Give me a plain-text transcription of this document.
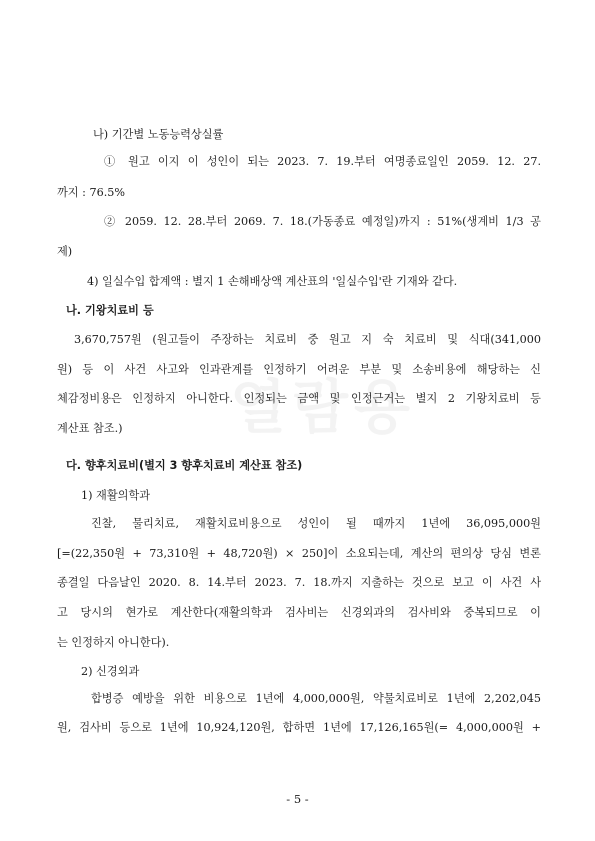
나) 기간별 노동능력상실률
① 원고 이지 이 성인이 되는 2023. 7. 19.부터 여명종료일인 2059. 12. 27.
까지 : 76.5%
② 2059. 12. 28.부터 2069. 7. 18.(가동종료 예정일)까지 : 51%(생계비 1/3 공
제)
4) 일실수입 합계액 : 별지 1 손해배상액 계산표의 '일실수입'란 기재와 같다.
나. 기왕치료비 등
3,670,757원 (원고들이 주장하는 치료비 중 원고 지 숙 치료비 및 식대(341,000
원) 등 이 사건 사고와 인과관계를 인정하기 어려운 부분 및 소송비용에 해당하는 신
체감정비용은 인정하지 아니한다. 인정되는 금액 및 인정근거는 별지 2 기왕치료비 등
계산표 참조.)
다. 향후치료비(별지 3 향후치료비 계산표 참조)
1) 재활의학과
진찰, 물리치료, 재활치료비용으로 성인이 될 때까지 1년에 36,095,000원
[=(22,350원 + 73,310원 + 48,720원) × 250]이 소요되는데, 계산의 편의상 당심 변론
종결일 다음날인 2020. 8. 14.부터 2023. 7. 18.까지 지출하는 것으로 보고 이 사건 사
고 당시의 현가로 계산한다(재활의학과 검사비는 신경외과의 검사비와 중복되므로 이
는 인정하지 아니한다).
2) 신경외과
합병증 예방을 위한 비용으로 1년에 4,000,000원, 약물치료비로 1년에 2,202,045
원, 검사비 등으로 1년에 10,924,120원, 합하면 1년에 17,126,165원(= 4,000,000원 +
- 5 -
